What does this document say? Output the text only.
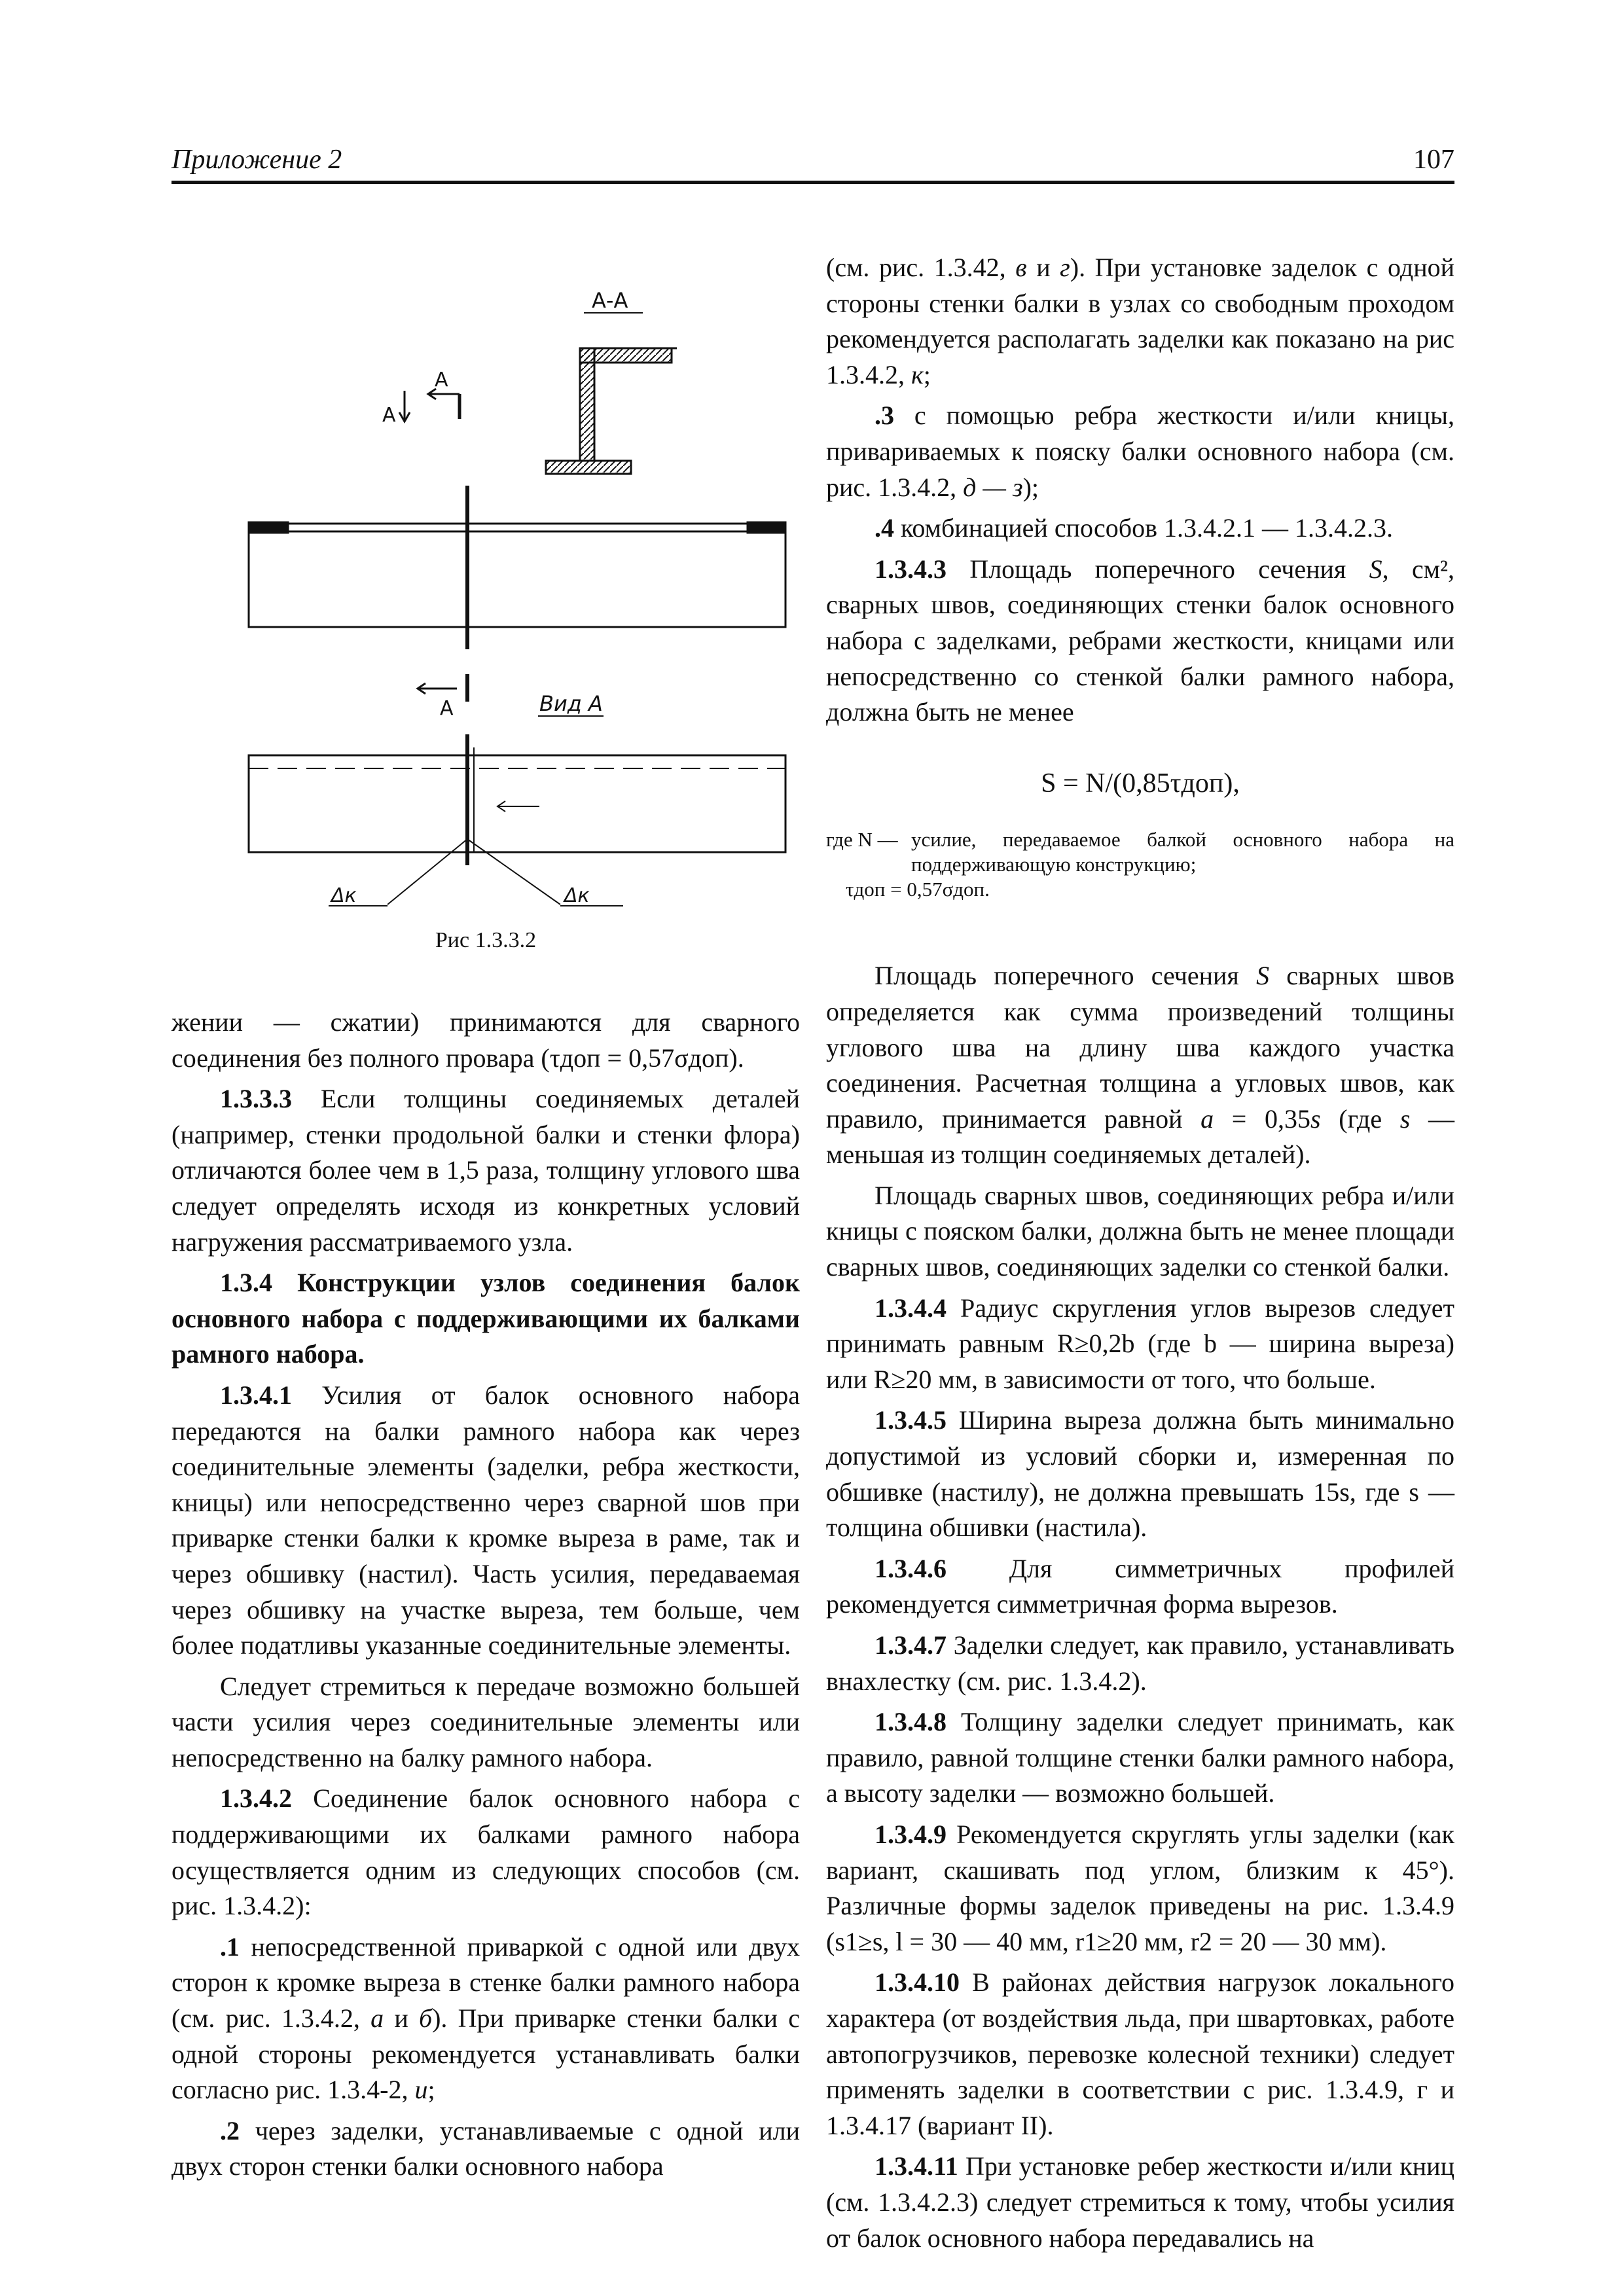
Приложение 2	107
А-А
А
А
А	Вид А
Δк	Δк
Рис 1.3.3.2

жении — сжатии) принимаются для сварного соединения без полного провара (τдоп = 0,57σдоп).

1.3.3.3 Если толщины соединяемых деталей (например, стенки продольной балки и стенки флора) отличаются более чем в 1,5 раза, толщину углового шва следует определять исходя из конкретных условий нагружения рассматриваемого узла.

1.3.4 Конструкции узлов соединения балок основного набора с поддерживающими их балками рамного набора.

1.3.4.1 Усилия от балок основного набора передаются на балки рамного набора как через соединительные элементы (заделки, ребра жесткости, кницы) или непосредственно через сварной шов при приварке стенки балки к кромке выреза в раме, так и через обшивку (настил). Часть усилия, передаваемая через обшивку на участке выреза, тем больше, чем более податливы указанные соединительные элементы.

Следует стремиться к передаче возможно большей части усилия через соединительные элементы или непосредственно на балку рамного набора.

1.3.4.2 Соединение балок основного набора с поддерживающими их балками рамного набора осуществляется одним из следующих способов (см. рис. 1.3.4.2):

.1 непосредственной приваркой с одной или двух сторон к кромке выреза в стенке балки рамного набора (см. рис. 1.3.4.2, а и б). При приварке стенки балки с одной стороны рекомендуется устанавливать балки согласно рис. 1.3.4-2, и;

.2 через заделки, устанавливаемые с одной или двух сторон стенки балки основного набора

(см. рис. 1.3.42, в и г). При установке заделок с одной стороны стенки балки в узлах со свободным проходом рекомендуется располагать заделки как показано на рис 1.3.4.2, к;

.3 с помощью ребра жесткости и/или кницы, привариваемых к пояску балки основного набора (см. рис. 1.3.4.2, д — з);

.4 комбинацией способов 1.3.4.2.1 — 1.3.4.2.3.

1.3.4.3 Площадь поперечного сечения S, см², сварных швов, соединяющих стенки балок основного набора с заделками, ребрами жесткости, кницами или непосредственно со стенкой балки рамного набора, должна быть не менее

S = N/(0,85τдоп),
где N — усилие, передаваемое балкой основного набора на поддерживающую конструкцию;
τдоп =
0,57σдоп.

Площадь поперечного сечения S сварных швов определяется как сумма произведений толщины углового шва на длину шва каждого участка соединения. Расчетная толщина а угловых швов, как правило, принимается равной a = 0,35s (где s — меньшая из толщин соединяемых деталей).

Площадь сварных швов, соединяющих ребра и/или кницы с пояском балки, должна быть не менее площади сварных швов, соединяющих заделки со стенкой балки.

1.3.4.4 Радиус скругления углов вырезов следует принимать равным R≥0,2b (где b — ширина выреза) или R≥20 мм, в зависимости от того, что больше.

1.3.4.5 Ширина выреза должна быть минимально допустимой из условий сборки и, измеренная по обшивке (настилу), не должна превышать 15s, где s — толщина обшивки (настила).

1.3.4.6 Для симметричных профилей рекомендуется симметричная форма вырезов.

1.3.4.7 Заделки следует, как правило, устанавливать внахлестку (см. рис. 1.3.4.2).

1.3.4.8 Толщину заделки следует принимать, как правило, равной толщине стенки балки рамного набора, а высоту заделки — возможно большей.

1.3.4.9 Рекомендуется скруглять углы заделки (как вариант, скашивать под углом, близким к 45°). Различные формы заделок приведены на рис. 1.3.4.9 (s1≥s, l = 30 — 40 мм, r1≥20 мм, r2 = 20 — 30 мм).

1.3.4.10 В районах действия нагрузок локального характера (от воздействия льда, при швартовках, работе автопогрузчиков, перевозке колесной техники) следует применять заделки в соответствии с рис. 1.3.4.9, г и 1.3.4.17 (вариант II).

1.3.4.11 При установке ребер жесткости и/или книц (см. 1.3.4.2.3) следует стремиться к тому, чтобы усилия от балок основного набора передавались на
